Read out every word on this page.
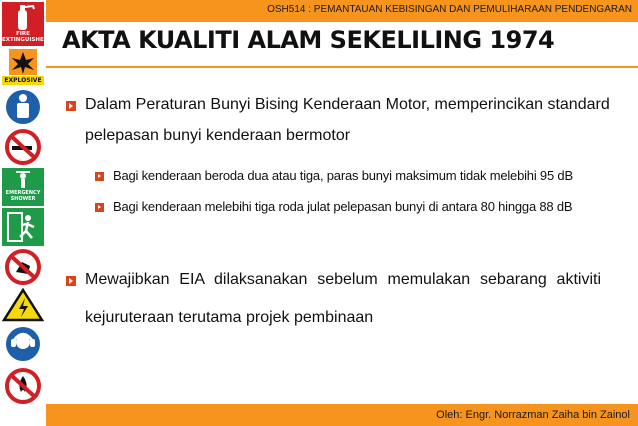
FIRE EXTINGUISHER
EXPLOSIVE
EMERGENCY SHOWER
OSH514 : PEMANTAUAN KEBISINGAN DAN PEMULIHARAAN PENDENGARAN
AKTA KUALITI ALAM SEKELILING 1974
Dalam Peraturan Bunyi Bising Kenderaan Motor, memperincikan standard
pelepasan bunyi kenderaan bermotor
Bagi kenderaan beroda dua atau tiga, paras bunyi maksimum tidak melebihi 95 dB
Bagi kenderaan melebihi tiga roda julat pelepasan bunyi di antara 80 hingga 88 dB
Mewajibkan EIA dilaksanakan sebelum memulakan sebarang aktiviti
kejuruteraan terutama projek pembinaan
Oleh: Engr. Norrazman Zaiha bin Zainol
